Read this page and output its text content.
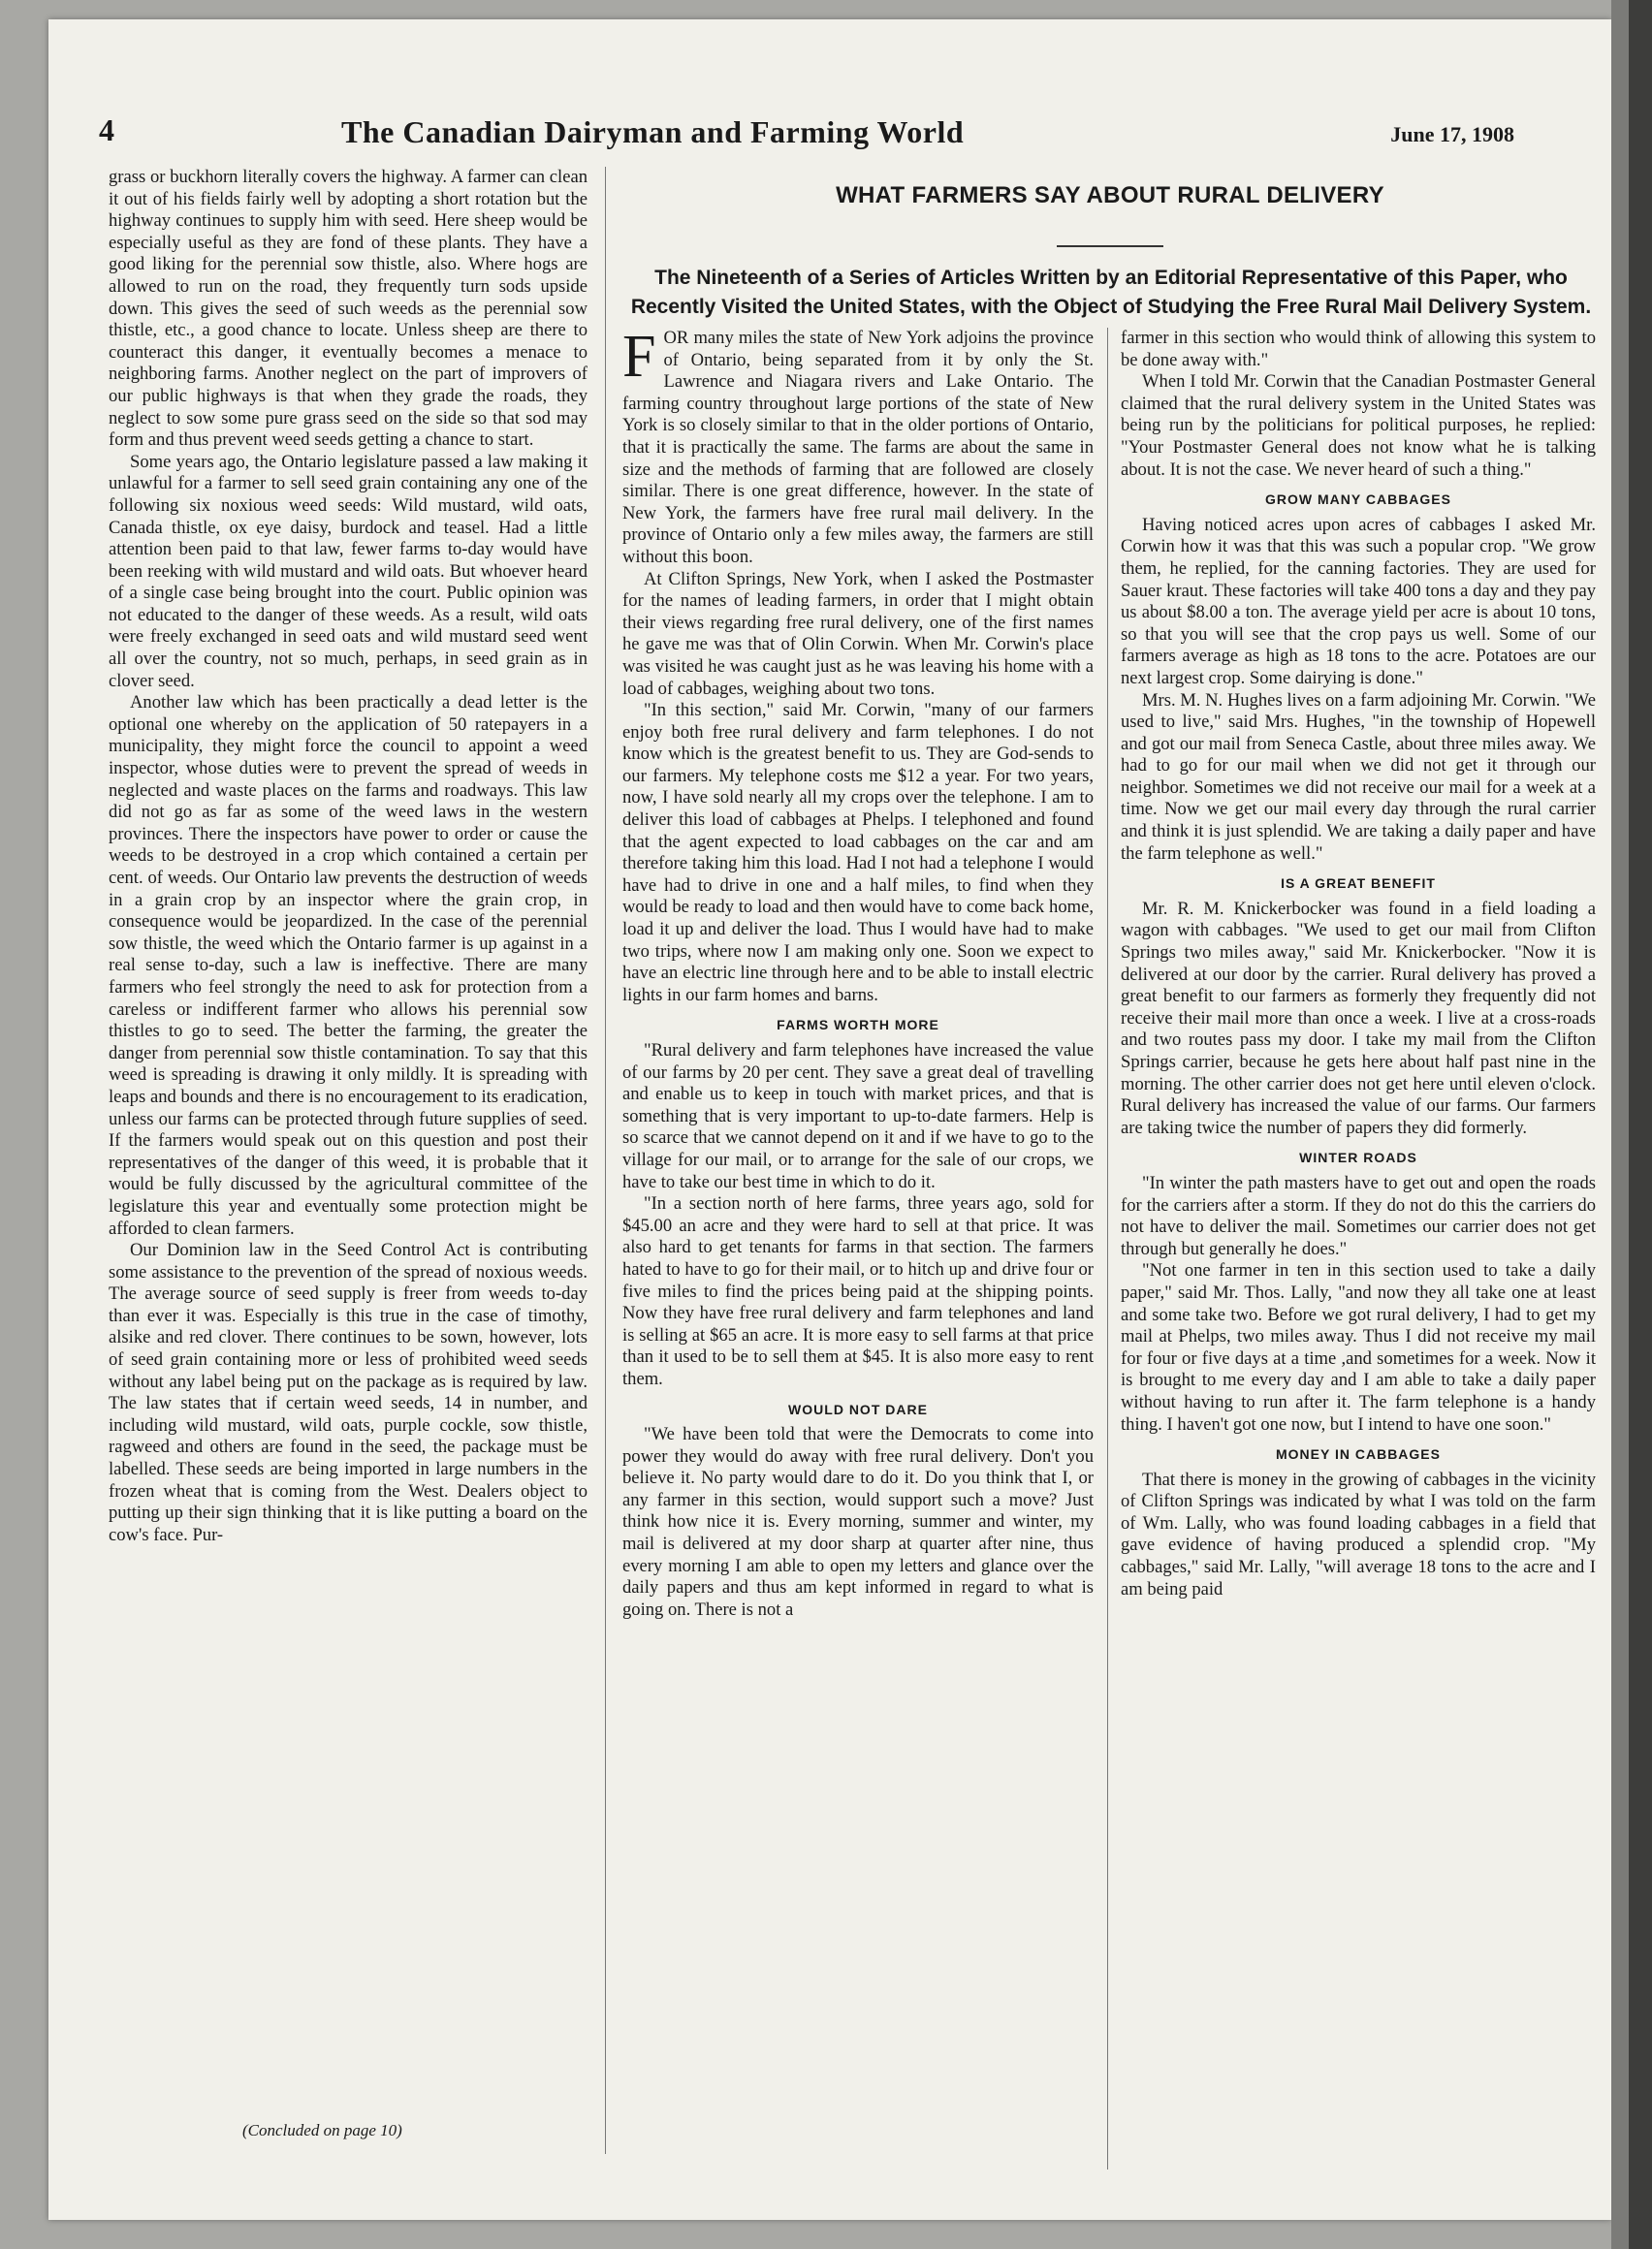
4	The Canadian Dairyman and Farming World	June 17, 1908

grass or buckhorn literally covers the highway. A farmer can clean it out of his fields fairly well by adopting a short rotation but the highway continues to supply him with seed. Here sheep would be especially useful as they are fond of these plants. They have a good liking for the perennial sow thistle, also. Where hogs are allowed to run on the road, they frequently turn sods upside down. This gives the seed of such weeds as the perennial sow thistle, etc., a good chance to locate. Unless sheep are there to counteract this danger, it eventually becomes a menace to neighboring farms. Another neglect on the part of improvers of our public highways is that when they grade the roads, they neglect to sow some pure grass seed on the side so that sod may form and thus prevent weed seeds getting a chance to start.

Some years ago, the Ontario legislature passed a law making it unlawful for a farmer to sell seed grain containing any one of the following six noxious weed seeds: Wild mustard, wild oats, Canada thistle, ox eye daisy, burdock and teasel. Had a little attention been paid to that law, fewer farms to-day would have been reeking with wild mustard and wild oats. But whoever heard of a single case being brought into the court. Public opinion was not educated to the danger of these weeds. As a result, wild oats were freely exchanged in seed oats and wild mustard seed went all over the country, not so much, perhaps, in seed grain as in clover seed.

Another law which has been practically a dead letter is the optional one whereby on the application of 50 ratepayers in a municipality, they might force the council to appoint a weed inspector, whose duties were to prevent the spread of weeds in neglected and waste places on the farms and roadways. This law did not go as far as some of the weed laws in the western provinces. There the inspectors have power to order or cause the weeds to be destroyed in a crop which contained a certain per cent. of weeds. Our Ontario law prevents the destruction of weeds in a grain crop by an inspector where the grain crop, in consequence would be jeopardized. In the case of the perennial sow thistle, the weed which the Ontario farmer is up against in a real sense to-day, such a law is ineffective. There are many farmers who feel strongly the need to ask for protection from a careless or indifferent farmer who allows his perennial sow thistles to go to seed. The better the farming, the greater the danger from perennial sow thistle contamination. To say that this weed is spreading is drawing it only mildly. It is spreading with leaps and bounds and there is no encouragement to its eradication, unless our farms can be protected through future supplies of seed. If the farmers would speak out on this question and post their representatives of the danger of this weed, it is probable that it would be fully discussed by the agricultural committee of the legislature this year and eventually some protection might be afforded to clean farmers.

Our Dominion law in the Seed Control Act is contributing some assistance to the prevention of the spread of noxious weeds. The average source of seed supply is freer from weeds to-day than ever it was. Especially is this true in the case of timothy, alsike and red clover. There continues to be sown, however, lots of seed grain containing more or less of prohibited weed seeds without any label being put on the package as is required by law. The law states that if certain weed seeds, 14 in number, and including wild mustard, wild oats, purple cockle, sow thistle, ragweed and others are found in the seed, the package must be labelled. These seeds are being imported in large numbers in the frozen wheat that is coming from the West. Dealers object to putting up their sign thinking that it is like putting a board on the cow's face. Pur-

(Concluded on page 10)
WHAT FARMERS SAY ABOUT RURAL DELIVERY
The Nineteenth of a Series of Articles Written by an Editorial Representative of this Paper, who Recently Visited the United States, with the Object of Studying the Free Rural Mail Delivery System.

FOR many miles the state of New York adjoins the province of Ontario, being separated from it by only the St. Lawrence and Niagara rivers and Lake Ontario. The farming country throughout large portions of the state of New York is so closely similar to that in the older portions of Ontario, that it is practically the same. The farms are about the same in size and the methods of farming that are followed are closely similar. There is one great difference, however. In the state of New York, the farmers have free rural mail delivery. In the province of Ontario only a few miles away, the farmers are still without this boon.

At Clifton Springs, New York, when I asked the Postmaster for the names of leading farmers, in order that I might obtain their views regarding free rural delivery, one of the first names he gave me was that of Olin Corwin. When Mr. Corwin's place was visited he was caught just as he was leaving his home with a load of cabbages, weighing about two tons.

"In this section," said Mr. Corwin, "many of our farmers enjoy both free rural delivery and farm telephones. I do not know which is the greatest benefit to us. They are God-sends to our farmers. My telephone costs me $12 a year. For two years, now, I have sold nearly all my crops over the telephone. I am to deliver this load of cabbages at Phelps. I telephoned and found that the agent expected to load cabbages on the car and am therefore taking him this load. Had I not had a telephone I would have had to drive in one and a half miles, to find when they would be ready to load and then would have to come back home, load it up and deliver the load. Thus I would have had to make two trips, where now I am making only one. Soon we expect to have an electric line through here and to be able to install electric lights in our farm homes and barns.

FARMS WORTH MORE

"Rural delivery and farm telephones have increased the value of our farms by 20 per cent. They save a great deal of travelling and enable us to keep in touch with market prices, and that is something that is very important to up-to-date farmers. Help is so scarce that we cannot depend on it and if we have to go to the village for our mail, or to arrange for the sale of our crops, we have to take our best time in which to do it.

"In a section north of here farms, three years ago, sold for $45.00 an acre and they were hard to sell at that price. It was also hard to get tenants for farms in that section. The farmers hated to have to go for their mail, or to hitch up and drive four or five miles to find the prices being paid at the shipping points. Now they have free rural delivery and farm telephones and land is selling at $65 an acre. It is more easy to sell farms at that price than it used to be to sell them at $45. It is also more easy to rent them.

WOULD NOT DARE

"We have been told that were the Democrats to come into power they would do away with free rural delivery. Don't you believe it. No party would dare to do it. Do you think that I, or any farmer in this section, would support such a move? Just think how nice it is. Every morning, summer and winter, my mail is delivered at my door sharp at quarter after nine, thus every morning I am able to open my letters and glance over the daily papers and thus am kept informed in regard to what is going on. There is not a

farmer in this section who would think of allowing this system to be done away with."

When I told Mr. Corwin that the Canadian Postmaster General claimed that the rural delivery system in the United States was being run by the politicians for political purposes, he replied: "Your Postmaster General does not know what he is talking about. It is not the case. We never heard of such a thing."

GROW MANY CABBAGES

Having noticed acres upon acres of cabbages I asked Mr. Corwin how it was that this was such a popular crop. "We grow them, he replied, for the canning factories. They are used for Sauer kraut. These factories will take 400 tons a day and they pay us about $8.00 a ton. The average yield per acre is about 10 tons, so that you will see that the crop pays us well. Some of our farmers average as high as 18 tons to the acre. Potatoes are our next largest crop. Some dairying is done."

Mrs. M. N. Hughes lives on a farm adjoining Mr. Corwin. "We used to live," said Mrs. Hughes, "in the township of Hopewell and got our mail from Seneca Castle, about three miles away. We had to go for our mail when we did not get it through our neighbor. Sometimes we did not receive our mail for a week at a time. Now we get our mail every day through the rural carrier and think it is just splendid. We are taking a daily paper and have the farm telephone as well."

IS A GREAT BENEFIT

Mr. R. M. Knickerbocker was found in a field loading a wagon with cabbages. "We used to get our mail from Clifton Springs two miles away," said Mr. Knickerbocker. "Now it is delivered at our door by the carrier. Rural delivery has proved a great benefit to our farmers as formerly they frequently did not receive their mail more than once a week. I live at a cross-roads and two routes pass my door. I take my mail from the Clifton Springs carrier, because he gets here about half past nine in the morning. The other carrier does not get here until eleven o'clock. Rural delivery has increased the value of our farms. Our farmers are taking twice the number of papers they did formerly.

WINTER ROADS

"In winter the path masters have to get out and open the roads for the carriers after a storm. If they do not do this the carriers do not have to deliver the mail. Sometimes our carrier does not get through but generally he does."

"Not one farmer in ten in this section used to take a daily paper," said Mr. Thos. Lally, "and now they all take one at least and some take two. Before we got rural delivery, I had to get my mail at Phelps, two miles away. Thus I did not receive my mail for four or five days at a time ,and sometimes for a week. Now it is brought to me every day and I am able to take a daily paper without having to run after it. The farm telephone is a handy thing. I haven't got one now, but I intend to have one soon."

MONEY IN CABBAGES

That there is money in the growing of cabbages in the vicinity of Clifton Springs was indicated by what I was told on the farm of Wm. Lally, who was found loading cabbages in a field that gave evidence of having produced a splendid crop. "My cabbages," said Mr. Lally, "will average 18 tons to the acre and I am being paid
